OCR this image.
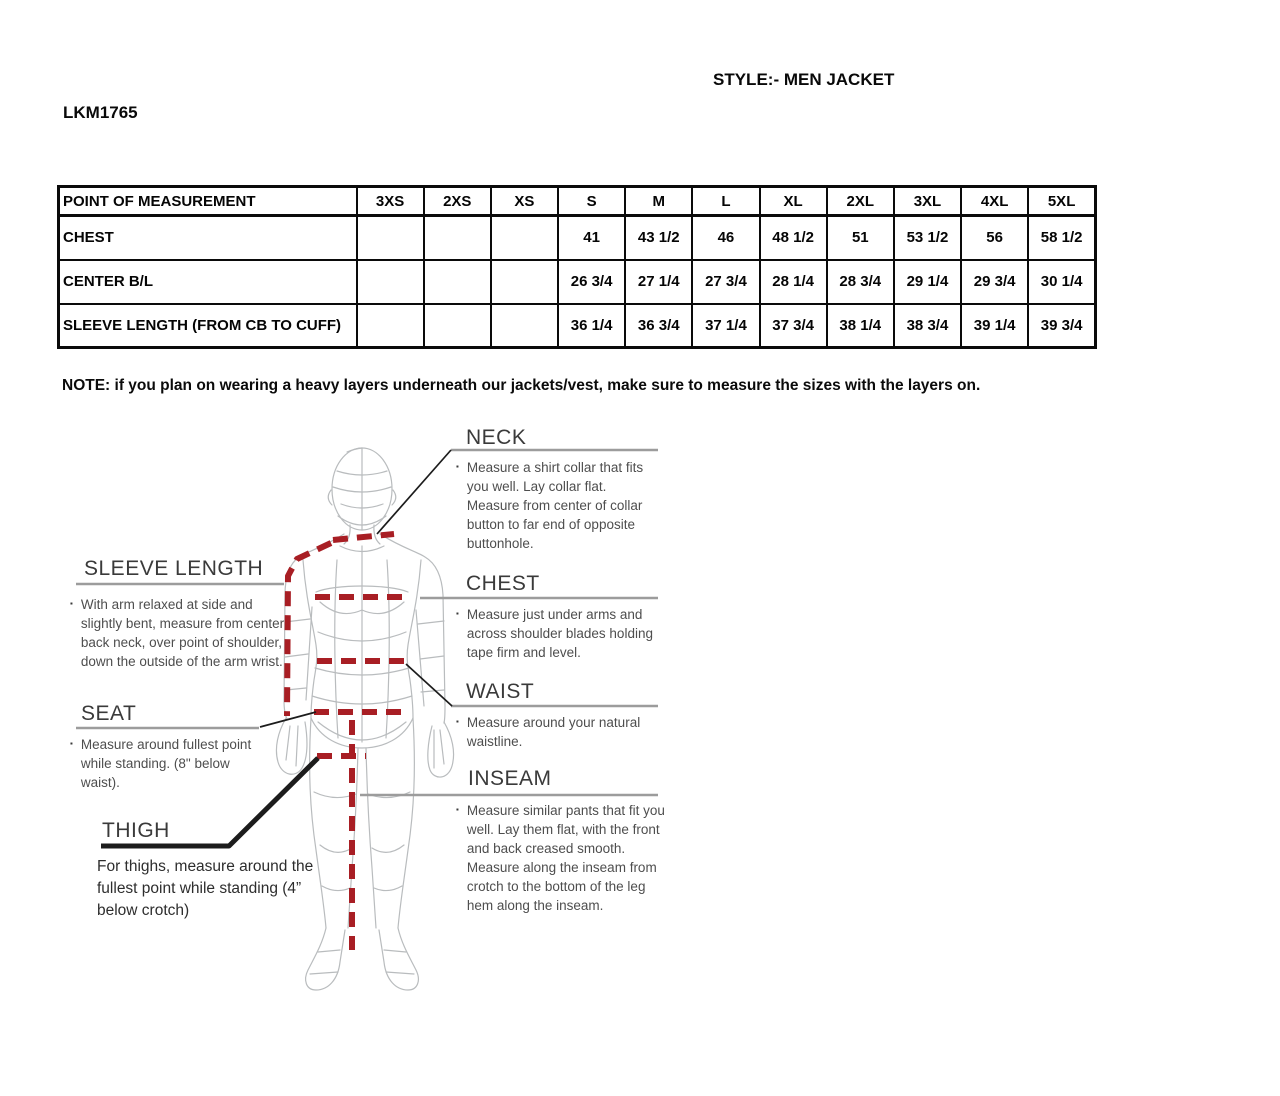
STYLE:- MEN JACKET
LKM1765
POINT OF MEASUREMENT	3XS	2XS	XS	S	M	L	XL	2XL	3XL	4XL	5XL
CHEST				41	43 1/2	46	48 1/2	51	53 1/2	56	58 1/2
CENTER B/L				26 3/4	27 1/4	27 3/4	28 1/4	28 3/4	29 1/4	29 3/4	30 1/4
SLEEVE LENGTH (FROM CB TO CUFF)				36 1/4	36 3/4	37 1/4	37 3/4	38 1/4	38 3/4	39 1/4	39 3/4
NOTE: if you plan on wearing a heavy layers underneath our jackets/vest, make sure to measure the sizes with the layers on.
NECK
▪ Measure a shirt collar that fits you well. Lay collar flat. Measure from center of collar button to far end of opposite buttonhole.
CHEST
▪ Measure just under arms and across shoulder blades holding tape firm and level.
WAIST
▪ Measure around your natural waistline.
INSEAM
▪ Measure similar pants that fit you well. Lay them flat, with the front and back creased smooth. Measure along the inseam from crotch to the bottom of the leg hem along the inseam.
SLEEVE LENGTH
▪ With arm relaxed at side and slightly bent, measure from center back neck, over point of shoulder, down the outside of the arm wrist.
SEAT
▪ Measure around fullest point while standing. (8" below waist).
THIGH
For thighs, measure around the fullest point while standing (4” below crotch)
